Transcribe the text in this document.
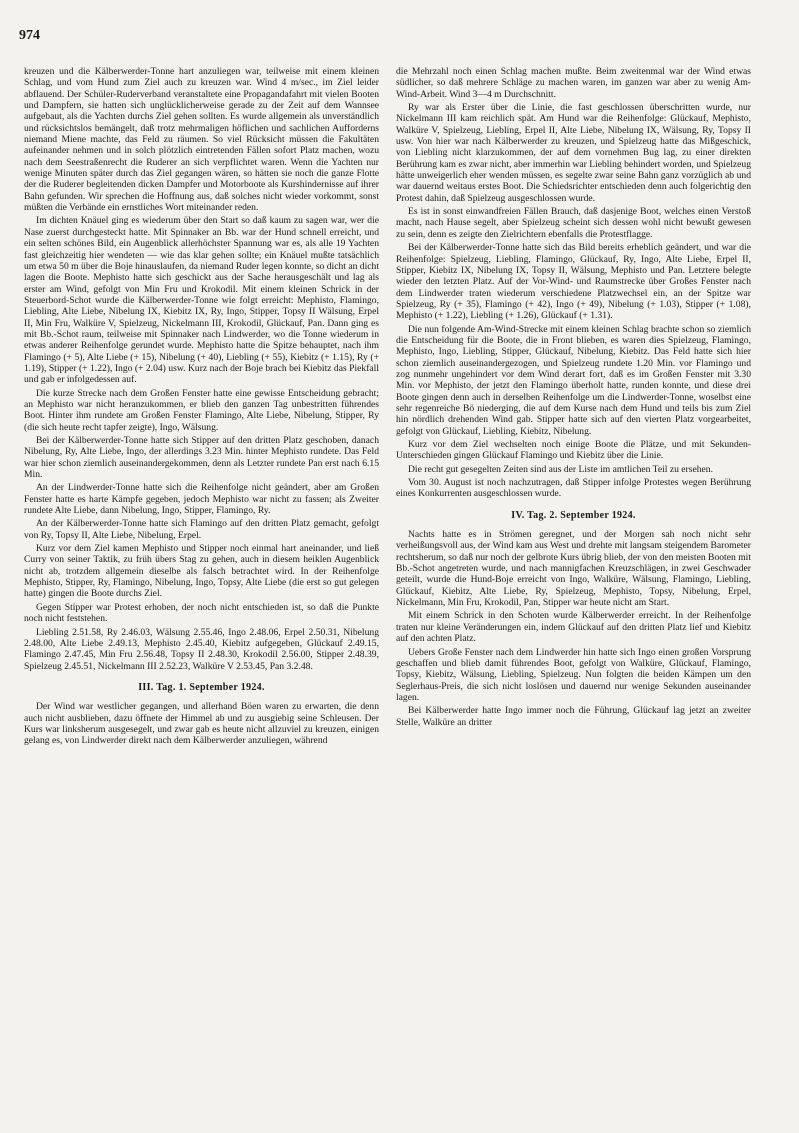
974

kreuzen und die Kälberwerder-Tonne hart anzuliegen war, teilweise mit einem kleinen Schlag, und vom Hund zum Ziel auch zu kreuzen war. Wind 4 m/sec., im Ziel leider abflauend. Der Schüler-Ruderverband veranstaltete eine Propagandafahrt mit vielen Booten und Dampfern, sie hatten sich unglücklicherweise gerade zu der Zeit auf dem Wannsee aufgebaut, als die Yachten durchs Ziel gehen sollten. Es wurde allgemein als unverständlich und rücksichtslos bemängelt, daß trotz mehrmaligen höflichen und sachlichen Aufforderns niemand Miene machte, das Feld zu räumen. So viel Rücksicht müssen die Fakultäten aufeinander nehmen und in solch plötzlich eintretenden Fällen sofort Platz machen, wozu nach dem Seestraßenrecht die Ruderer an sich verpflichtet waren. Wenn die Yachten nur wenige Minuten später durch das Ziel gegangen wären, so hätten sie noch die ganze Flotte der die Ruderer begleitenden dicken Dampfer und Motorboote als Kurshindernisse auf ihrer Bahn gefunden. Wir sprechen die Hoffnung aus, daß solches nicht wieder vorkommt, sonst müßten die Verbände ein ernstliches Wort miteinander reden.

Im dichten Knäuel ging es wiederum über den Start so daß kaum zu sagen war, wer die Nase zuerst durchgesteckt hatte. Mit Spinnaker an Bb. war der Hund schnell erreicht, und ein selten schönes Bild, ein Augenblick allerhöchster Spannung war es, als alle 19 Yachten fast gleichzeitig hier wendeten — wie das klar gehen sollte; ein Knäuel mußte tatsächlich um etwa 50 m über die Boje hinauslaufen, da niemand Ruder legen konnte, so dicht an dicht lagen die Boote. Mephisto hatte sich geschickt aus der Sache herausgeschält und lag als erster am Wind, gefolgt von Min Fru und Krokodil. Mit einem kleinen Schrick in der Steuerbord-Schot wurde die Kälberwerder-Tonne wie folgt erreicht: Mephisto, Flamingo, Liebling, Alte Liebe, Nibelung IX, Kiebitz IX, Ry, Ingo, Stipper, Topsy II Wälsung, Erpel II, Min Fru, Walküre V, Spielzeug, Nickelmann III, Krokodil, Glückauf, Pan. Dann ging es mit Bb.-Schot raum, teilweise mit Spinnaker nach Lindwerder, wo die Tonne wiederum in etwas anderer Reihenfolge gerundet wurde. Mephisto hatte die Spitze behauptet, nach ihm Flamingo (+ 5), Alte Liebe (+ 15), Nibelung (+ 40), Liebling (+ 55), Kiebitz (+ 1.15), Ry (+ 1.19), Stipper (+ 1.22), Ingo (+ 2.04) usw. Kurz nach der Boje brach bei Kiebitz das Piekfall und gab er infolgedessen auf.

Die kurze Strecke nach dem Großen Fenster hatte eine gewisse Entscheidung gebracht; an Mephisto war nicht heranzukommen, er blieb den ganzen Tag unbestritten führendes Boot. Hinter ihm rundete am Großen Fenster Flamingo, Alte Liebe, Nibelung, Stipper, Ry (die sich heute recht tapfer zeigte), Ingo, Wälsung.

Bei der Kälberwerder-Tonne hatte sich Stipper auf den dritten Platz geschoben, danach Nibelung, Ry, Alte Liebe, Ingo, der allerdings 3.23 Min. hinter Mephisto rundete. Das Feld war hier schon ziemlich auseinandergekommen, denn als Letzter rundete Pan erst nach 6.15 Min.

An der Lindwerder-Tonne hatte sich die Reihenfolge nicht geändert, aber am Großen Fenster hatte es harte Kämpfe gegeben, jedoch Mephisto war nicht zu fassen; als Zweiter rundete Alte Liebe, dann Nibelung, Ingo, Stipper, Flamingo, Ry.

An der Kälberwerder-Tonne hatte sich Flamingo auf den dritten Platz gemacht, gefolgt von Ry, Topsy II, Alte Liebe, Nibelung, Erpel.

Kurz vor dem Ziel kamen Mephisto und Stipper noch einmal hart aneinander, und ließ Curry von seiner Taktik, zu früh übers Stag zu gehen, auch in diesem heiklen Augenblick nicht ab, trotzdem allgemein dieselbe als falsch betrachtet wird. In der Reihenfolge Mephisto, Stipper, Ry, Flamingo, Nibelung, Ingo, Topsy, Alte Liebe (die erst so gut gelegen hatte) gingen die Boote durchs Ziel.

Gegen Stipper war Protest erhoben, der noch nicht entschieden ist, so daß die Punkte noch nicht feststehen.

Liebling 2.51.58, Ry 2.46.03, Wälsung 2.55.46, Ingo 2.48.06, Erpel 2.50.31, Nibelung 2.48.00, Alte Liebe 2.49.13, Mephisto 2.45.40, Kiebitz aufgegeben, Glückauf 2.49.15, Flamingo 2.47.45, Min Fru 2.56.48, Topsy II 2.48.30, Krokodil 2.56.00, Stipper 2.48.39, Spielzeug 2.45.51, Nickelmann III 2.52.23, Walküre V 2.53.45, Pan 3.2.48.

III. Tag. 1. September 1924.

Der Wind war westlicher gegangen, und allerhand Böen waren zu erwarten, die denn auch nicht ausblieben, dazu öffnete der Himmel ab und zu ausgiebig seine Schleusen. Der Kurs war linksherum ausgesegelt, und zwar gab es heute nicht allzuviel zu kreuzen, einigen gelang es, von Lindwerder direkt nach dem Kälberwerder anzuliegen, während

die Mehrzahl noch einen Schlag machen mußte. Beim zweitenmal war der Wind etwas südlicher, so daß mehrere Schläge zu machen waren, im ganzen war aber zu wenig Am-Wind-Arbeit. Wind 3—4 m Durchschnitt.

Ry war als Erster über die Linie, die fast geschlossen überschritten wurde, nur Nickelmann III kam reichlich spät. Am Hund war die Reihenfolge: Glückauf, Mephisto, Walküre V, Spielzeug, Liebling, Erpel II, Alte Liebe, Nibelung IX, Wälsung, Ry, Topsy II usw. Von hier war nach Kälberwerder zu kreuzen, und Spielzeug hatte das Mißgeschick, von Liebling nicht klarzukommen, der auf dem vornehmen Bug lag, zu einer direkten Berührung kam es zwar nicht, aber immerhin war Liebling behindert worden, und Spielzeug hätte unweigerlich eher wenden müssen, es segelte zwar seine Bahn ganz vorzüglich ab und war dauernd weitaus erstes Boot. Die Schiedsrichter entschieden denn auch folgerichtig den Protest dahin, daß Spielzeug ausgeschlossen wurde.

Es ist in sonst einwandfreien Fällen Brauch, daß dasjenige Boot, welches einen Verstoß macht, nach Hause segelt, aber Spielzeug scheint sich dessen wohl nicht bewußt gewesen zu sein, denn es zeigte den Zielrichtern ebenfalls die Protestflagge.

Bei der Kälberwerder-Tonne hatte sich das Bild bereits erheblich geändert, und war die Reihenfolge: Spielzeug, Liebling, Flamingo, Glückauf, Ry, Ingo, Alte Liebe, Erpel II, Stipper, Kiebitz IX, Nibelung IX, Topsy II, Wälsung, Mephisto und Pan. Letztere belegte wieder den letzten Platz. Auf der Vor-Wind- und Raumstrecke über Großes Fenster nach dem Lindwerder traten wiederum verschiedene Platzwechsel ein, an der Spitze war Spielzeug, Ry (+ 35), Flamingo (+ 42), Ingo (+ 49), Nibelung (+ 1.03), Stipper (+ 1.08), Mephisto (+ 1.22), Liebling (+ 1.26), Glückauf (+ 1.31).

Die nun folgende Am-Wind-Strecke mit einem kleinen Schlag brachte schon so ziemlich die Entscheidung für die Boote, die in Front blieben, es waren dies Spielzeug, Flamingo, Mephisto, Ingo, Liebling, Stipper, Glückauf, Nibelung, Kiebitz. Das Feld hatte sich hier schon ziemlich auseinandergezogen, und Spielzeug rundete 1.20 Min. vor Flamingo und zog nunmehr ungehindert vor dem Wind derart fort, daß es im Großen Fenster mit 3.30 Min. vor Mephisto, der jetzt den Flamingo überholt hatte, runden konnte, und diese drei Boote gingen denn auch in derselben Reihenfolge um die Lindwerder-Tonne, woselbst eine sehr regenreiche Bö niederging, die auf dem Kurse nach dem Hund und teils bis zum Ziel hin nördlich drehenden Wind gab. Stipper hatte sich auf den vierten Platz vorgearbeitet, gefolgt von Glückauf, Liebling, Kiebitz, Nibelung.

Kurz vor dem Ziel wechselten noch einige Boote die Plätze, und mit Sekunden-Unterschieden gingen Glückauf Flamingo und Kiebitz über die Linie.

Die recht gut gesegelten Zeiten sind aus der Liste im amtlichen Teil zu ersehen.

Vom 30. August ist noch nachzutragen, daß Stipper infolge Protestes wegen Berührung eines Konkurrenten ausgeschlossen wurde.

IV. Tag. 2. September 1924.

Nachts hatte es in Strömen geregnet, und der Morgen sah noch nicht sehr verheißungsvoll aus, der Wind kam aus West und drehte mit langsam steigendem Barometer rechtsherum, so daß nur noch der gelbrote Kurs übrig blieb, der von den meisten Booten mit Bb.-Schot angetreten wurde, und nach mannigfachen Kreuzschlägen, in zwei Geschwader geteilt, wurde die Hund-Boje erreicht von Ingo, Walküre, Wälsung, Flamingo, Liebling, Glückauf, Kiebitz, Alte Liebe, Ry, Spielzeug, Mephisto, Topsy, Nibelung, Erpel, Nickelmann, Min Fru, Krokodil, Pan, Stipper war heute nicht am Start.

Mit einem Schrick in den Schoten wurde Kälberwerder erreicht. In der Reihenfolge traten nur kleine Veränderungen ein, indem Glückauf auf den dritten Platz lief und Kiebitz auf den achten Platz.

Uebers Große Fenster nach dem Lindwerder hin hatte sich Ingo einen großen Vorsprung geschaffen und blieb damit führendes Boot, gefolgt von Walküre, Glückauf, Flamingo, Topsy, Kiebitz, Wälsung, Liebling, Spielzeug. Nun folgten die beiden Kämpen um den Seglerhaus-Preis, die sich nicht loslösen und dauernd nur wenige Sekunden auseinander lagen.

Bei Kälberwerder hatte Ingo immer noch die Führung, Glückauf lag jetzt an zweiter Stelle, Walküre an dritter
